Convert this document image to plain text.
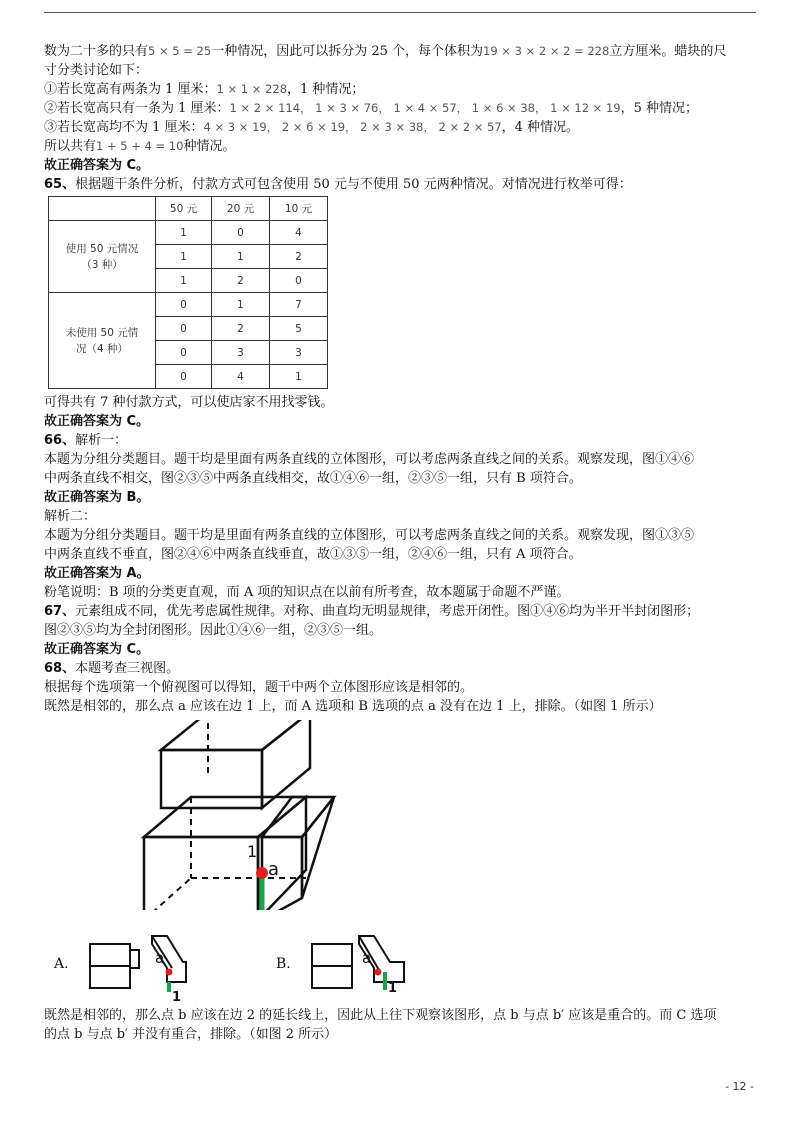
数为二十多的只有5 × 5 = 25一种情况，因此可以拆分为 25 个，每个体积为19 × 3 × 2 × 2 = 228立方厘米。蜡块的尺
寸分类讨论如下：
①若长宽高有两条为 1 厘米：1 × 1 × 228，1 种情况；
②若长宽高只有一条为 1 厘米：1 × 2 × 114， 1 × 3 × 76， 1 × 4 × 57， 1 × 6 × 38， 1 × 12 × 19，5 种情况；
③若长宽高均不为 1 厘米：4 × 3 × 19， 2 × 6 × 19， 2 × 3 × 38， 2 × 2 × 57，4 种情况。
所以共有1 + 5 + 4 = 10种情况。
故正确答案为 C。
65、根据题干条件分析，付款方式可包含使用 50 元与不使用 50 元两种情况。对情况进行枚举可得：
	50 元	20 元	10 元

使用 50 元情况
（3 种）	1	0	4
	1	1	2
	1	2	0

未使用 50 元情
况（4 种）	0	1	7
	0	2	5
	0	3	3
	0	4	1
可得共有 7 种付款方式，可以使店家不用找零钱。
故正确答案为 C。
66、解析一：
本题为分组分类题目。题干均是里面有两条直线的立体图形，可以考虑两条直线之间的关系。观察发现，图①④⑥
中两条直线不相交，图②③⑤中两条直线相交，故①④⑥一组，②③⑤一组，只有 B 项符合。
故正确答案为 B。
解析二：
本题为分组分类题目。题干均是里面有两条直线的立体图形，可以考虑两条直线之间的关系。观察发现，图①③⑤
中两条直线不垂直，图②④⑥中两条直线垂直，故①③⑤一组，②④⑥一组，只有 A 项符合。
故正确答案为 A。
粉笔说明：B 项的分类更直观，而 A 项的知识点在以前有所考查，故本题属于命题不严谨。
67、元素组成不同，优先考虑属性规律。对称、曲直均无明显规律，考虑开闭性。图①④⑥均为半开半封闭图形；
图②③⑤均为全封闭图形。因此①④⑥一组，②③⑤一组。
故正确答案为 C。
68、本题考查三视图。
根据每个选项第一个俯视图可以得知，题干中两个立体图形应该是相邻的。
既然是相邻的，那么点 a 应该在边 1 上，而 A 选项和 B 选项的点 a 没有在边 1 上，排除。（如图 1 所示）
1
a
A.	a
1
B.	a
1
既然是相邻的，那么点 b 应该在边 2 的延长线上，因此从上往下观察该图形，点 b 与点 b′ 应该是重合的。而 C 选项
的点 b 与点 b′ 并没有重合，排除。（如图 2 所示）
- 12 -
